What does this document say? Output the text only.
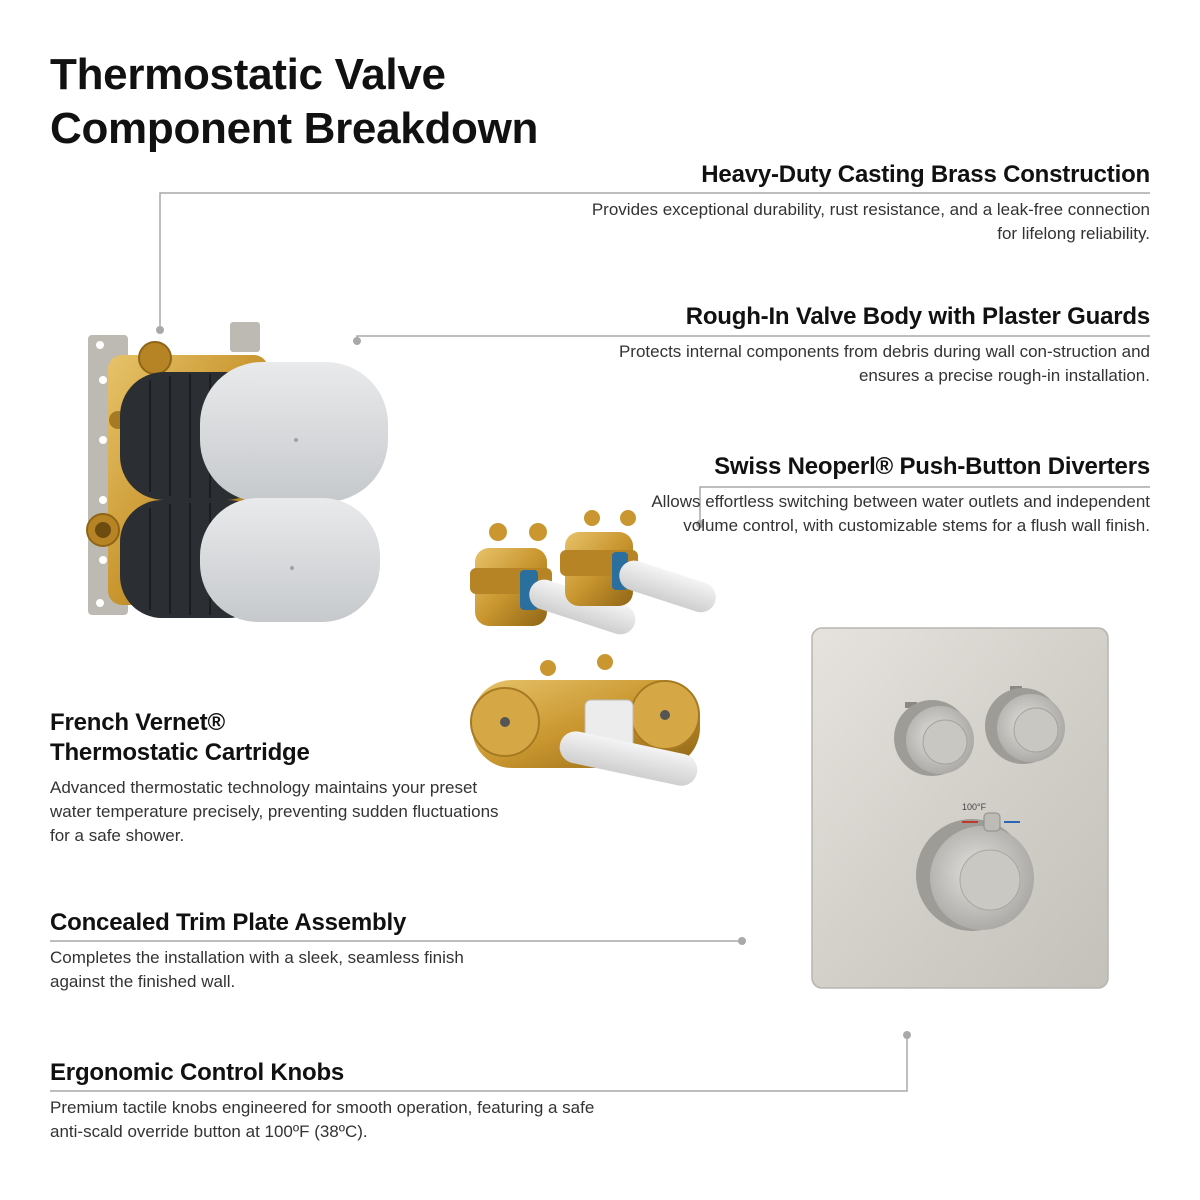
Thermostatic Valve
Component Breakdown
100°F
Heavy-Duty Casting Brass Construction

Provides exceptional durability, rust resistance, and a leak-free connection for lifelong reliability.

Rough-In Valve Body with Plaster Guards

Protects internal components from debris during wall con-struction and ensures a precise rough-in installation.

Swiss Neoperl® Push-Button Diverters

Allows effortless switching between water outlets and independent volume control, with customizable stems for a flush wall finish.

French Vernet®
Thermostatic Cartridge

Advanced thermostatic technology maintains your preset water temperature precisely, preventing sudden fluctuations for a safe shower.

Concealed Trim Plate Assembly

Completes the installation with a sleek, seamless finish against the finished wall.

Ergonomic Control Knobs

Premium tactile knobs engineered for smooth operation, featuring a safe anti-scald override button at 100ºF (38ºC).
